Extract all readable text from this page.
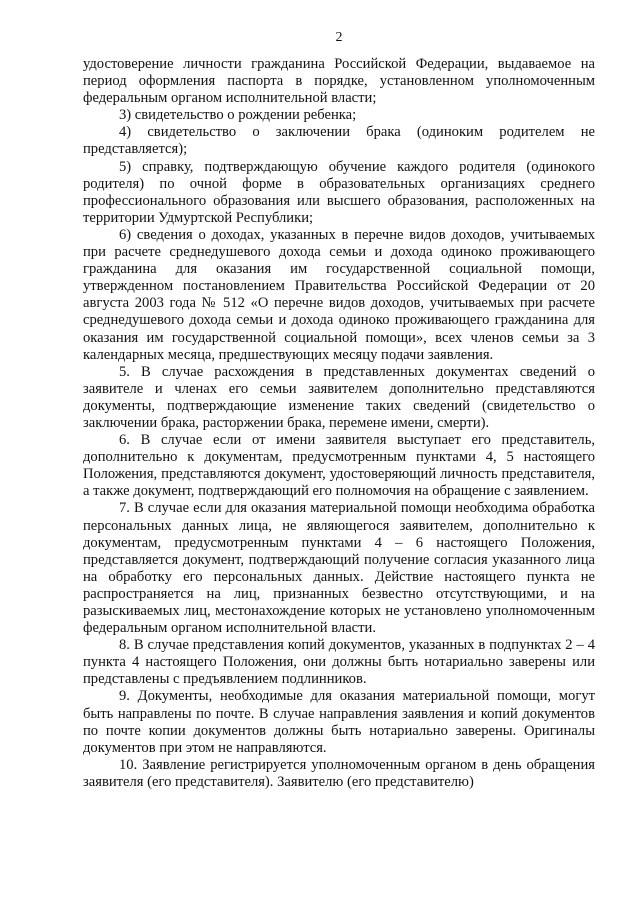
2

удостоверение личности гражданина Российской Федерации, выдаваемое на период оформления паспорта в порядке, установленном уполномоченным федеральным органом исполнительной власти;

3) свидетельство о рождении ребенка;

4) свидетельство о заключении брака (одиноким родителем не представляется);

5) справку, подтверждающую обучение каждого родителя (одинокого родителя) по очной форме в образовательных организациях среднего профессионального образования или высшего образования, расположенных на территории Удмуртской Республики;

6) сведения о доходах, указанных в перечне видов доходов, учитываемых при расчете среднедушевого дохода семьи и дохода одиноко проживающего гражданина для оказания им государственной социальной помощи, утвержденном постановлением Правительства Российской Федерации от 20 августа 2003 года № 512 «О перечне видов доходов, учитываемых при расчете среднедушевого дохода семьи и дохода одиноко проживающего гражданина для оказания им государственной социальной помощи», всех членов семьи за 3 календарных месяца, предшествующих месяцу подачи заявления.

5. В случае расхождения в представленных документах сведений о заявителе и членах его семьи заявителем дополнительно представляются документы, подтверждающие изменение таких сведений (свидетельство о заключении брака, расторжении брака, перемене имени, смерти).

6. В случае если от имени заявителя выступает его представитель, дополнительно к документам, предусмотренным пунктами 4, 5 настоящего Положения, представляются документ, удостоверяющий личность представителя, а также документ, подтверждающий его полномочия на обращение с заявлением.

7. В случае если для оказания материальной помощи необходима обработка персональных данных лица, не являющегося заявителем, дополнительно к документам, предусмотренным пунктами 4 – 6 настоящего Положения, представляется документ, подтверждающий получение согласия указанного лица на обработку его персональных данных. Действие настоящего пункта не распространяется на лиц, признанных безвестно отсутствующими, и на разыскиваемых лиц, местонахождение которых не установлено уполномоченным федеральным органом исполнительной власти.

8. В случае представления копий документов, указанных в подпунктах 2 – 4 пункта 4 настоящего Положения, они должны быть нотариально заверены или представлены с предъявлением подлинников.

9. Документы, необходимые для оказания материальной помощи, могут быть направлены по почте. В случае направления заявления и копий документов по почте копии документов должны быть нотариально заверены. Оригиналы документов при этом не направляются.

10. Заявление регистрируется уполномоченным органом в день обращения заявителя (его представителя). Заявителю (его представителю)
